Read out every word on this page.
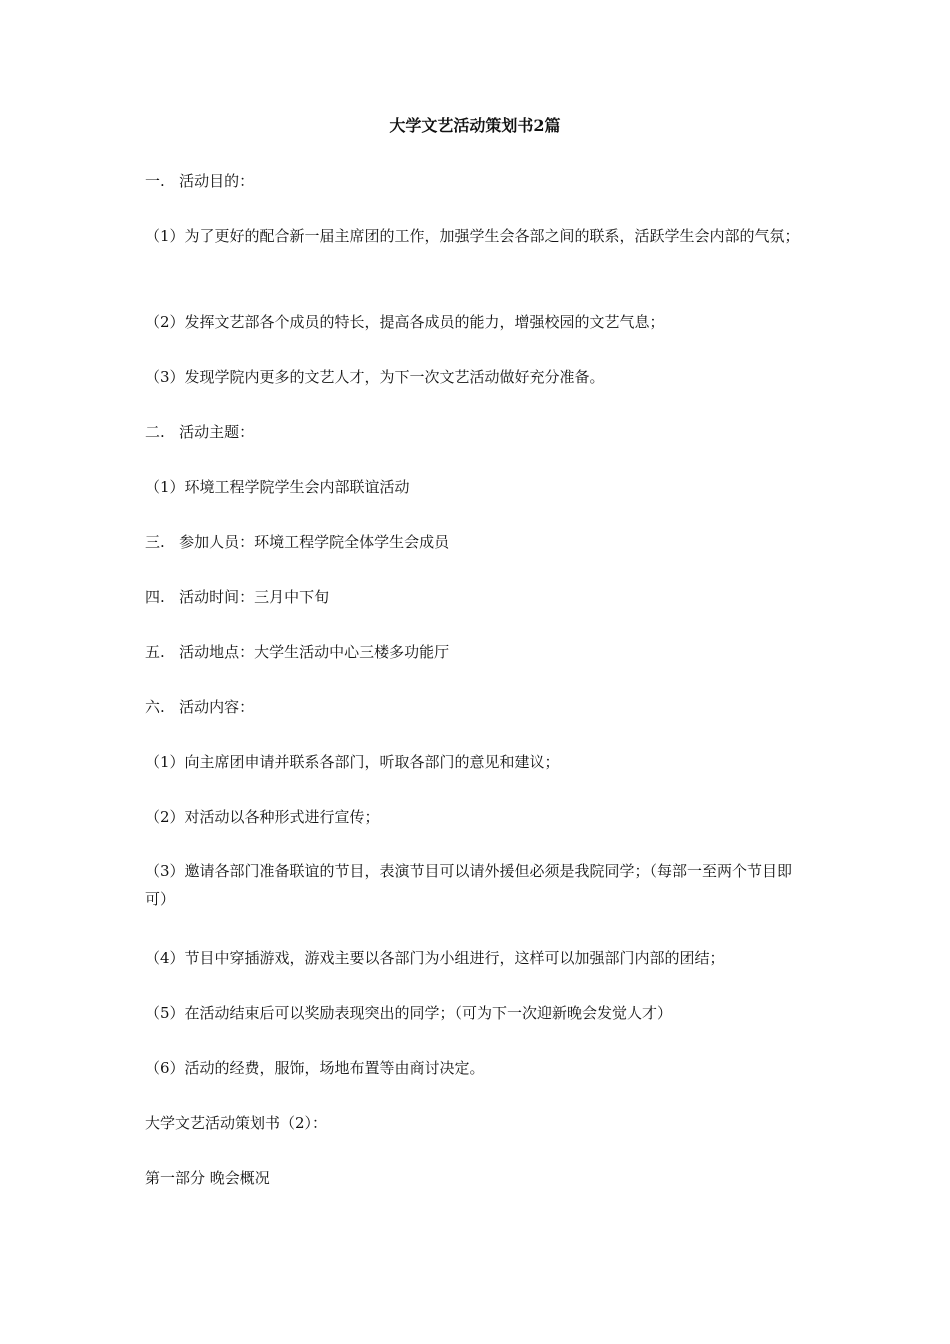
大学文艺活动策划书2篇
一.   活动目的：
（1）为了更好的配合新一届主席团的工作，加强学生会各部之间的联系，活跃学生会内部的气氛；
（2）发挥文艺部各个成员的特长，提高各成员的能力，增强校园的文艺气息；
（3）发现学院内更多的文艺人才，为下一次文艺活动做好充分准备。
二.   活动主题：
（1）环境工程学院学生会内部联谊活动
三.   参加人员：环境工程学院全体学生会成员
四.   活动时间：三月中下旬
五.   活动地点：大学生活动中心三楼多功能厅
六.   活动内容：
（1）向主席团申请并联系各部门，听取各部门的意见和建议；
（2）对活动以各种形式进行宣传；
（3）邀请各部门准备联谊的节目，表演节目可以请外援但必须是我院同学；（每部一至两个节目即可）
（4）节目中穿插游戏，游戏主要以各部门为小组进行，这样可以加强部门内部的团结；
（5）在活动结束后可以奖励表现突出的同学；（可为下一次迎新晚会发觉人才）
（6）活动的经费，服饰，场地布置等由商讨决定。
大学文艺活动策划书（2）：
第一部分 晚会概况
